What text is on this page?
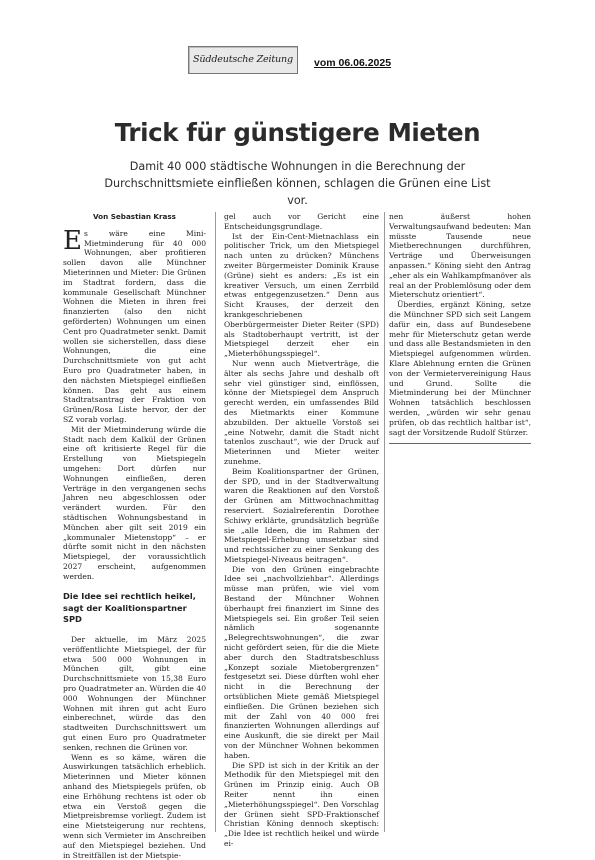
Süddeutsche Zeitung	vom 06.06.2025
Trick für günstigere Mieten
Damit 40 000 städtische Wohnungen in die Berechnung der Durchschnittsmiete einfließen können, schlagen die Grünen eine List vor.
Von Sebastian Krass

Es wäre eine Mini-Mietminderung für 40 000 Wohnungen, aber profitieren sollen davon alle Münchner Mieterinnen und Mieter: Die Grünen im Stadtrat fordern, dass die kommunale Gesellschaft Münchner Wohnen die Mieten in ihren frei finanzierten (also den nicht geförderten) Wohnungen um einen Cent pro Quadratmeter senkt. Damit wollen sie sicherstellen, dass diese Wohnungen, die eine Durchschnittsmiete von gut acht Euro pro Quadratmeter haben, in den nächsten Mietspiegel einfließen können. Das geht aus einem Stadtratsantrag der Fraktion von Grünen/Rosa Liste hervor, der der SZ vorab vorlag.

Mit der Mietminderung würde die Stadt nach dem Kalkül der Grünen eine oft kritisierte Regel für die Erstellung von Mietspiegeln umgehen: Dort dürfen nur Wohnungen einfließen, deren Verträge in den vergangenen sechs Jahren neu abgeschlossen oder verändert wurden. Für den städtischen Wohnungsbestand in München aber gilt seit 2019 ein „kommunaler Mietenstopp“ – er dürfte somit nicht in den nächsten Mietspiegel, der voraussichtlich 2027 erscheint, aufgenommen werden.

Die Idee sei rechtlich heikel, sagt der Koalitionspartner SPD

Der aktuelle, im März 2025 veröffentlichte Mietspiegel, der für etwa 500 000 Wohnungen in München gilt, gibt eine Durchschnittsmiete von 15,38 Euro pro Quadratmeter an. Würden die 40 000 Wohnungen der Münchner Wohnen mit ihren gut acht Euro einberechnet, würde das den stadtweiten Durchschnittswert um gut einen Euro pro Quadratmeter senken, rechnen die Grünen vor.

Wenn es so käme, wären die Auswirkungen tatsächlich erheblich. Mieterinnen und Mieter können anhand des Mietspiegels prüfen, ob eine Erhöhung rechtens ist oder ob etwa ein Verstoß gegen die Mietpreisbremse vorliegt. Zudem ist eine Mietsteigerung nur rechtens, wenn sich Vermieter im Anschreiben auf den Mietspiegel beziehen. Und in Streitfällen ist der Mietspie-

gel auch vor Gericht eine Entscheidungsgrundlage.

Ist der Ein-Cent-Mietnachlass ein politischer Trick, um den Mietspiegel nach unten zu drücken? Münchens zweiter Bürgermeister Dominik Krause (Grüne) sieht es anders: „Es ist ein kreativer Versuch, um einen Zerrbild etwas entgegenzusetzen.“ Denn aus Sicht Krauses, der derzeit den krankgeschriebenen Oberbürgermeister Dieter Reiter (SPD) als Stadtoberhaupt vertritt, ist der Mietspiegel derzeit eher ein „Mieterhöhungsspiegel“.

Nur wenn auch Mietverträge, die älter als sechs Jahre und deshalb oft sehr viel günstiger sind, einflössen, könne der Mietspiegel dem Anspruch gerecht werden, ein umfassendes Bild des Mietmarkts einer Kommune abzubilden. Der aktuelle Vorstoß sei „eine Notwehr, damit die Stadt nicht tatenlos zuschaut“, wie der Druck auf Mieterinnen und Mieter weiter zunehme.

Beim Koalitionspartner der Grünen, der SPD, und in der Stadtverwaltung waren die Reaktionen auf den Vorstoß der Grünen am Mittwochnachmittag reserviert. Sozialreferentin Dorothee Schiwy erklärte, grundsätzlich begrüße sie „alle Ideen, die im Rahmen der Mietspiegel-Erhebung umsetzbar sind und rechtssicher zu einer Senkung des Mietspiegel-Niveaus beitragen“.

Die von den Grünen eingebrachte Idee sei „nachvollziehbar“. Allerdings müsse man prüfen, wie viel vom Bestand der Münchner Wohnen überhaupt frei finanziert im Sinne des Mietspiegels sei. Ein großer Teil seien nämlich sogenannte „Belegrechtswohnungen“, die zwar nicht gefördert seien, für die die Miete aber durch den Stadtratsbeschluss „Konzept soziale Mietobergrenzen“ festgesetzt sei. Diese dürften wohl eher nicht in die Berechnung der ortsüblichen Miete gemäß Mietspiegel einfließen. Die Grünen beziehen sich mit der Zahl von 40 000 frei finanzierten Wohnungen allerdings auf eine Auskunft, die sie direkt per Mail von der Münchner Wohnen bekommen haben.

Die SPD ist sich in der Kritik an der Methodik für den Mietspiegel mit den Grünen im Prinzip einig. Auch OB Reiter nennt ihn einen „Mieterhöhungsspiegel“. Den Vorschlag der Grünen sieht SPD-Fraktionschef Christian Köning dennoch skeptisch: „Die Idee ist rechtlich heikel und würde ei-

nen äußerst hohen Verwaltungsaufwand bedeuten: Man müsste Tausende neue Mietberechnungen durchführen, Verträge und Überweisungen anpassen.“ Köning sieht den Antrag „eher als ein Wahlkampfmanöver als real an der Problemlösung oder dem Mieterschutz orientiert“.

Überdies, ergänzt Köning, setze die Münchner SPD sich seit Langem dafür ein, dass auf Bundesebene mehr für Mieterschutz getan werde und dass alle Bestandsmieten in den Mietspiegel aufgenommen würden. Klare Ablehnung ernten die Grünen von der Vermietervereinigung Haus und Grund. Sollte die Mietminderung bei der Münchner Wohnen tatsächlich beschlossen werden, „würden wir sehr genau prüfen, ob das rechtlich haltbar ist“, sagt der Vorsitzende Rudolf Stürzer.
